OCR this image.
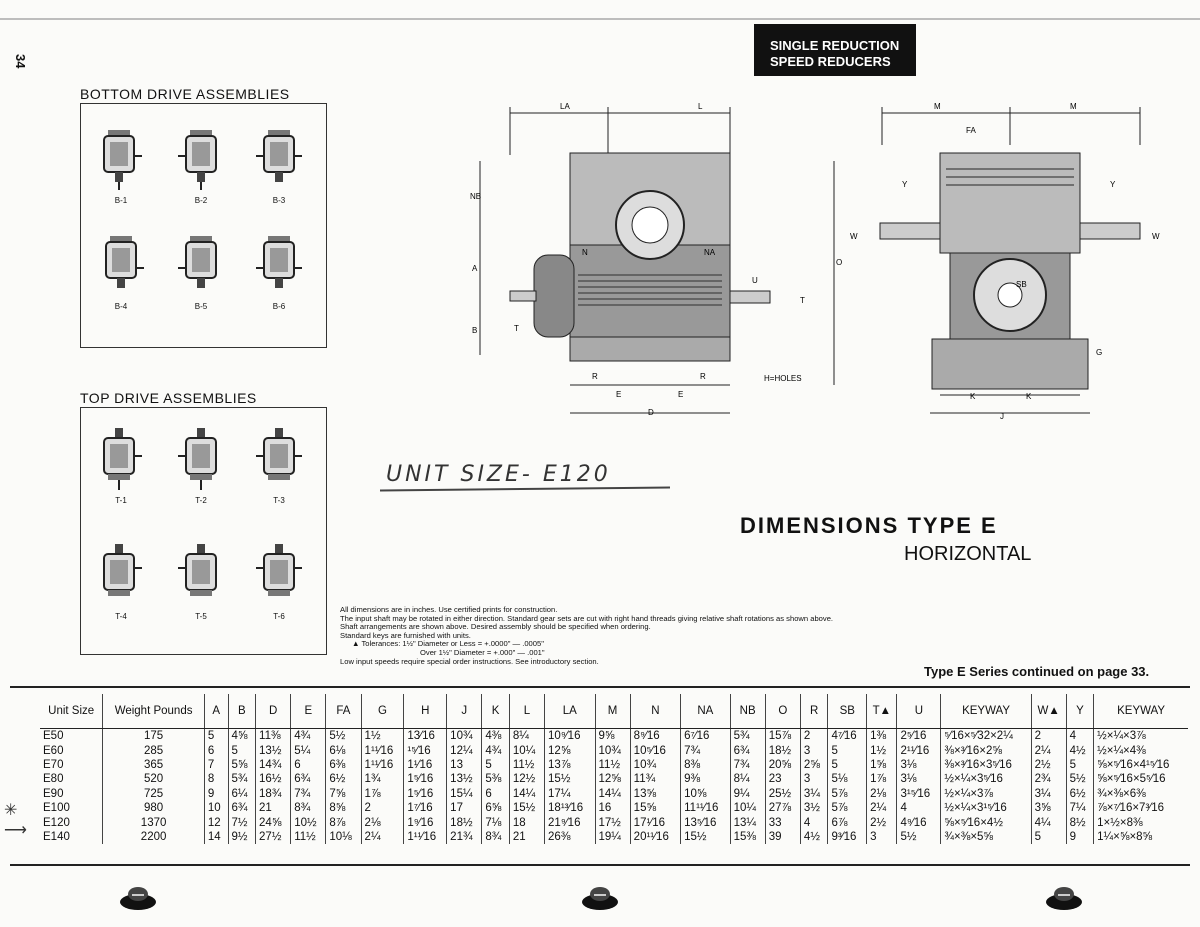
34
SINGLE REDUCTION
SPEED REDUCERS
BOTTOM DRIVE ASSEMBLIES
B-1	B-2	B-3
B-4	B-5	B-6
TOP DRIVE ASSEMBLIES
T-1	T-2	T-3
T-4	T-5	T-6
LA	L
NB
A
B
N	NA
U
T
T
R	R
E	E
D
H=HOLES
M	M
FA
Y	Y
W	W
O
SB
G
K	K
J
UNIT SIZE- E120
DIMENSIONS TYPE E
HORIZONTAL
All dimensions are in inches. Use certified prints for construction.
The input shaft may be rotated in either direction. Standard gear sets are cut with right hand threads giving relative shaft rotations as shown above.
Shaft arrangements are shown above. Desired assembly should be specified when ordering.
Standard keys are furnished with units.
▲ Tolerances: 1½" Diameter or Less = +.0000" — .0005"
Over 1½" Diameter = +.000" — .001"
Low input speeds require special order instructions. See introductory section.
Type E Series continued on page 33.
Unit Size	Weight Pounds	A	B	D	E	FA	G	H	J	K	L	LA	M	N	NA	NB	O	R	SB	T▲	U	KEYWAY	W▲	Y	KEYWAY
E50	175	5	4⅝	11⅜	4¾	5½	1½	13⁄16	10¾	4⅜	8¼	10⁹⁄16	9⅝	8⁹⁄16	6⁷⁄16	5¾	15⅞	2	4⁷⁄16	1⅜	2⁵⁄16	⁵⁄16×⁵⁄32×2¼	2	4	½×¼×3⅞
E60	285	6	5	13½	5¼	6⅛	1¹¹⁄16	¹⁵⁄16	12¼	4¾	10¼	12⅝	10¾	10⁵⁄16	7¾	6¾	18½	3	5	1½	2¹¹⁄16	⅜×³⁄16×2⅝	2¼	4½	½×¼×4⅜
E70	365	7	5⅝	14¾	6	6⅜	1¹¹⁄16	1¹⁄16	13	5	11½	13⅞	11½	10¾	8⅜	7¾	20⅝	2⅝	5	1⅝	3⅛	⅜×³⁄16×3⁵⁄16	2½	5	⅝×⁵⁄16×4¹⁵⁄16
E80	520	8	5¾	16½	6¾	6½	1¾	1⁵⁄16	13½	5⅜	12½	15½	12⅝	11¾	9⅜	8¼	23	3	5⅛	1⅞	3⅛	½×¼×3⁵⁄16	2¾	5½	⅝×⁵⁄16×5⁵⁄16
E90	725	9	6¼	18¾	7¾	7⅝	1⅞	1⁵⁄16	15¼	6	14¼	17¼	14¼	13⅝	10⅝	9¼	25½	3¼	5⅞	2⅛	3¹⁵⁄16	½×¼×3⅞	3¼	6½	¾×⅜×6⅜
E100	980	10	6¾	21	8¾	8⅝	2	1⁷⁄16	17	6⅝	15½	18¹³⁄16	16	15⅝	11¹¹⁄16	10¼	27⅞	3½	5⅞	2¼	4	½×¼×3¹⁵⁄16	3⅝	7¼	⅞×⁷⁄16×7³⁄16
E120	1370	12	7½	24⅝	10½	8⅞	2⅛	1⁹⁄16	18½	7⅛	18	21⁹⁄16	17½	17¹⁄16	13⁵⁄16	13¼	33	4	6⅞	2½	4⁹⁄16	⅝×⁵⁄16×4½	4¼	8½	1×½×8⅜
E140	2200	14	9½	27½	11½	10⅛	2¼	1¹¹⁄16	21¾	8¾	21	26⅜	19¼	20¹¹⁄16	15½	15⅜	39	4½	9³⁄16	3	5½	¾×⅜×5⅝	5	9	1¼×⅝×8⅝
✳
⟶
